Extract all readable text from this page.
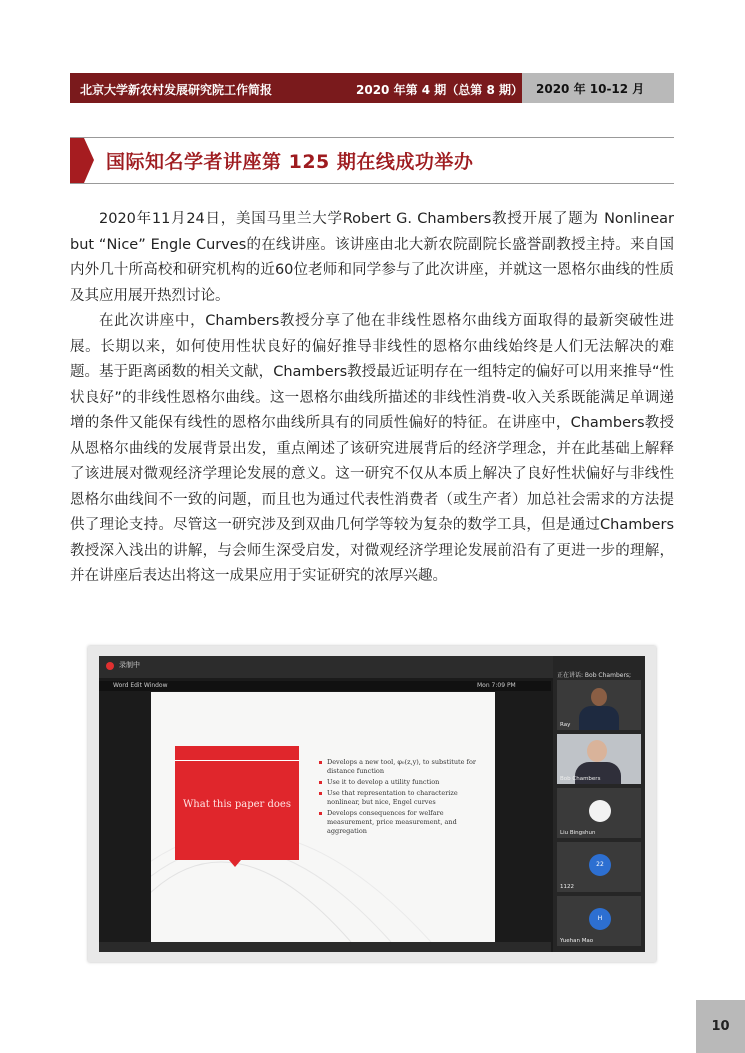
北京大学新农村发展研究院工作简报	2020 年第 4 期（总第 8 期） 2020 年 10-12 月
国际知名学者讲座第 125 期在线成功举办

2020年11月24日，美国马里兰大学Robert G. Chambers教授开展了题为 Nonlinear but “Nice” Engle Curves的在线讲座。该讲座由北大新农院副院长盛誉副教授主持。来自国内外几十所高校和研究机构的近60位老师和同学参与了此次讲座，并就这一恩格尔曲线的性质及其应用展开热烈讨论。

在此次讲座中，Chambers教授分享了他在非线性恩格尔曲线方面取得的最新突破性进展。长期以来，如何使用性状良好的偏好推导非线性的恩格尔曲线始终是人们无法解决的难题。基于距离函数的相关文献，Chambers教授最近证明存在一组特定的偏好可以用来推导“性状良好”的非线性恩格尔曲线。这一恩格尔曲线所描述的非线性消费-收入关系既能满足单调递增的条件又能保有线性的恩格尔曲线所具有的同质性偏好的特征。在讲座中，Chambers教授从恩格尔曲线的发展背景出发，重点阐述了该研究进展背后的经济学理念，并在此基础上解释了该进展对微观经济学理论发展的意义。这一研究不仅从本质上解决了良好性状偏好与非线性恩格尔曲线间不一致的问题，而且也为通过代表性消费者（或生产者）加总社会需求的方法提供了理论支持。尽管这一研究涉及到双曲几何学等较为复杂的数学工具，但是通过Chambers教授深入浅出的讲解，与会师生深受启发，对微观经济学理论发展前沿有了更进一步的理解，并在讲座后表达出将这一成果应用于实证研究的浓厚兴趣。

录制中
Word Edit Window	Mon 7:09 PM
What this paper does
Develops a new tool, φ₀(z,y), to substitute for distance function
Use it to develop a utility function
Use that representation to characterize nonlinear, but nice, Engel curves
Develops consequences for welfare measurement, price measurement, and aggregation
正在讲话: Bob Chambers;
Ray
Bob Chambers
Liu Bingshun
22
1122
H
Yuehan Mao
10
